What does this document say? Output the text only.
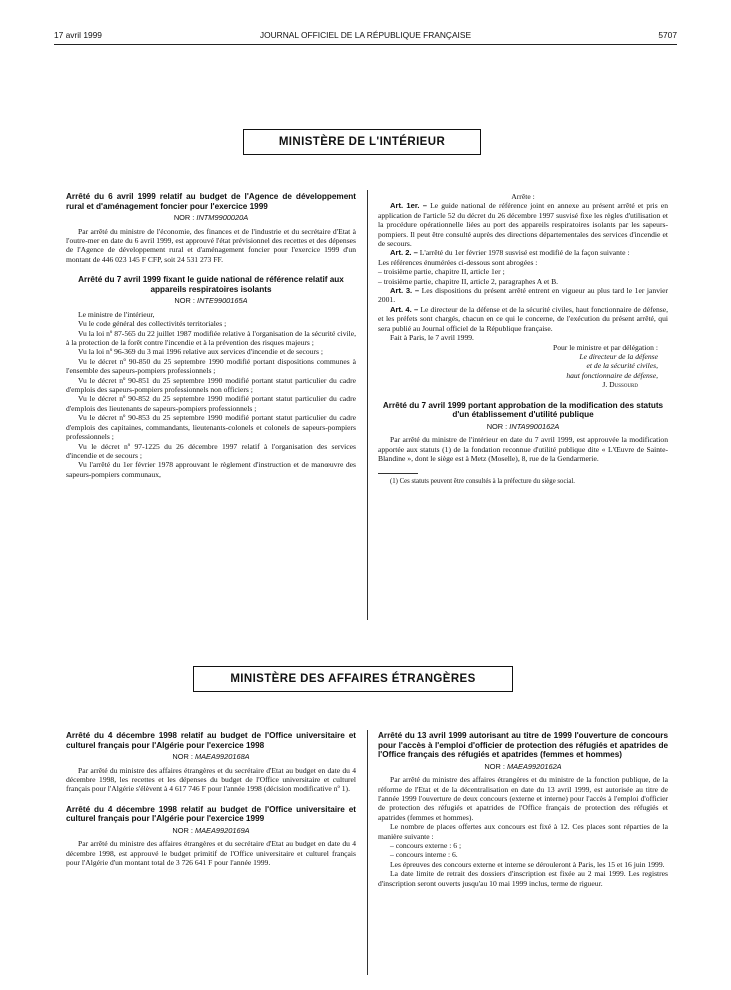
17 avril 1999	JOURNAL OFFICIEL DE LA RÉPUBLIQUE FRANÇAISE	5707
MINISTÈRE DE L'INTÉRIEUR

Arrêté du 6 avril 1999 relatif au budget de l'Agence de développement rural et d'aménagement foncier pour l'exercice 1999

NOR : INTM9900020A

Par arrêté du ministre de l'économie, des finances et de l'industrie et du secrétaire d'Etat à l'outre-mer en date du 6 avril 1999, est approuvé l'état prévisionnel des recettes et des dépenses de l'Agence de développement rural et d'aménagement foncier pour l'exercice 1999 d'un montant de 446 023 145 F CFP, soit 24 531 273 FF.

Arrêté du 7 avril 1999 fixant le guide national de référence relatif aux appareils respiratoires isolants

NOR : INTE9900165A

Le ministre de l'intérieur,

Vu le code général des collectivités territoriales ;

Vu la loi nº 87-565 du 22 juillet 1987 modifiée relative à l'organisation de la sécurité civile, à la protection de la forêt contre l'incendie et à la prévention des risques majeurs ;

Vu la loi nº 96-369 du 3 mai 1996 relative aux services d'incendie et de secours ;

Vu le décret nº 90-850 du 25 septembre 1990 modifié portant dispositions communes à l'ensemble des sapeurs-pompiers professionnels ;

Vu le décret nº 90-851 du 25 septembre 1990 modifié portant statut particulier du cadre d'emplois des sapeurs-pompiers professionnels non officiers ;

Vu le décret nº 90-852 du 25 septembre 1990 modifié portant statut particulier du cadre d'emplois des lieutenants de sapeurs-pompiers professionnels ;

Vu le décret nº 90-853 du 25 septembre 1990 modifié portant statut particulier du cadre d'emplois des capitaines, commandants, lieutenants-colonels et colonels de sapeurs-pompiers professionnels ;

Vu le décret nº 97-1225 du 26 décembre 1997 relatif à l'organisation des services d'incendie et de secours ;

Vu l'arrêté du 1er février 1978 approuvant le règlement d'instruction et de manœuvre des sapeurs-pompiers communaux,

Arrête :

Art. 1er. – Le guide national de référence joint en annexe au présent arrêté et pris en application de l'article 52 du décret du 26 décembre 1997 susvisé fixe les règles d'utilisation et la procédure opérationnelle liées au port des appareils respiratoires isolants par les sapeurs-pompiers. Il peut être consulté auprès des directions départementales des services d'incendie et de secours.

Art. 2. – L'arrêté du 1er février 1978 susvisé est modifié de la façon suivante :

Les références énumérées ci-dessous sont abrogées :

– troisième partie, chapitre II, article 1er ;

– troisième partie, chapitre II, article 2, paragraphes A et B.

Art. 3. – Les dispositions du présent arrêté entrent en vigueur au plus tard le 1er janvier 2001.

Art. 4. – Le directeur de la défense et de la sécurité civiles, haut fonctionnaire de défense, et les préfets sont chargés, chacun en ce qui le concerne, de l'exécution du présent arrêté, qui sera publié au Journal officiel de la République française.

Fait à Paris, le 7 avril 1999.

Pour le ministre et par délégation :

Le directeur de la défense

et de la sécurité civiles,

haut fonctionnaire de défense,

J. Dussourd

Arrêté du 7 avril 1999 portant approbation de la modification des statuts d'un établissement d'utilité publique

NOR : INTA9900162A

Par arrêté du ministre de l'intérieur en date du 7 avril 1999, est approuvée la modification apportée aux statuts (1) de la fondation reconnue d'utilité publique dite « L'Œuvre de Sainte-Blandine », dont le siège est à Metz (Moselle), 8, rue de la Gendarmerie.

(1) Ces statuts peuvent être consultés à la préfecture du siège social.

MINISTÈRE DES AFFAIRES ÉTRANGÈRES

Arrêté du 4 décembre 1998 relatif au budget de l'Office universitaire et culturel français pour l'Algérie pour l'exercice 1998

NOR : MAEA9920168A

Par arrêté du ministre des affaires étrangères et du secrétaire d'Etat au budget en date du 4 décembre 1998, les recettes et les dépenses du budget de l'Office universitaire et culturel français pour l'Algérie s'élèvent à 4 617 746 F pour l'année 1998 (décision modificative nº 1).

Arrêté du 4 décembre 1998 relatif au budget de l'Office universitaire et culturel français pour l'Algérie pour l'exercice 1999

NOR : MAEA9920169A

Par arrêté du ministre des affaires étrangères et du secrétaire d'Etat au budget en date du 4 décembre 1998, est approuvé le budget primitif de l'Office universitaire et culturel français pour l'Algérie d'un montant total de 3 726 641 F pour l'année 1999.

Arrêté du 13 avril 1999 autorisant au titre de 1999 l'ouverture de concours pour l'accès à l'emploi d'officier de protection des réfugiés et apatrides de l'Office français des réfugiés et apatrides (femmes et hommes)

NOR : MAEA9920162A

Par arrêté du ministre des affaires étrangères et du ministre de la fonction publique, de la réforme de l'Etat et de la décentralisation en date du 13 avril 1999, est autorisée au titre de l'année 1999 l'ouverture de deux concours (externe et interne) pour l'accès à l'emploi d'officier de protection des réfugiés et apatrides de l'Office français de protection des réfugiés et apatrides (femmes et hommes).

Le nombre de places offertes aux concours est fixé à 12. Ces places sont réparties de la manière suivante :

– concours externe : 6 ;

– concours interne : 6.

Les épreuves des concours externe et interne se dérouleront à Paris, les 15 et 16 juin 1999.

La date limite de retrait des dossiers d'inscription est fixée au 2 mai 1999. Les registres d'inscription seront ouverts jusqu'au 10 mai 1999 inclus, terme de rigueur.
